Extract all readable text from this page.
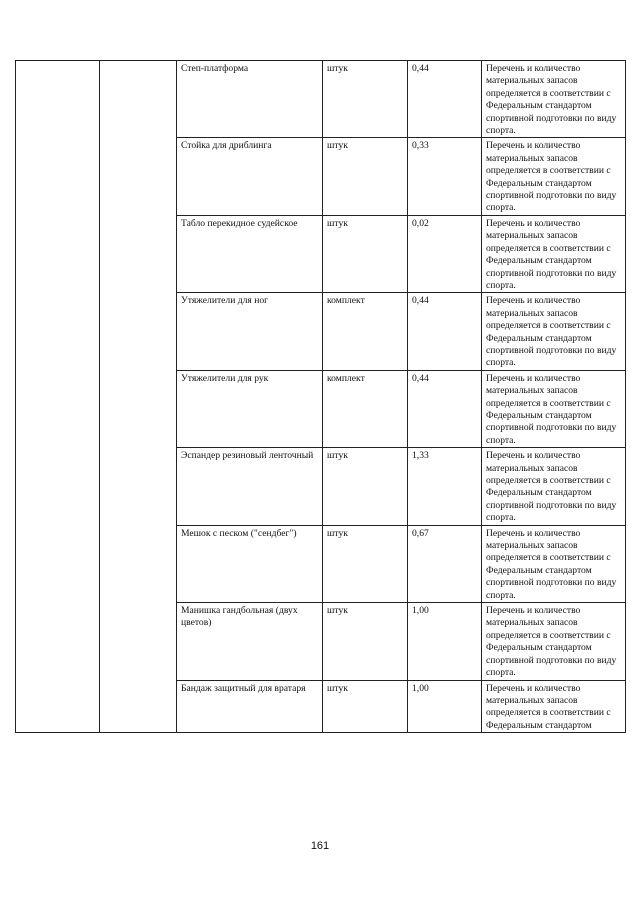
		Степ-платформа	штук	0,44	Перечень и количество материальных запасов определяется в соответствии с Федеральным стандартом спортивной подготовки по виду спорта.
		Стойка для дриблинга	штук	0,33	Перечень и количество материальных запасов определяется в соответствии с Федеральным стандартом спортивной подготовки по виду спорта.
		Табло перекидное судейское	штук	0,02	Перечень и количество материальных запасов определяется в соответствии с Федеральным стандартом спортивной подготовки по виду спорта.
		Утяжелители для ног	комплект	0,44	Перечень и количество материальных запасов определяется в соответствии с Федеральным стандартом спортивной подготовки по виду спорта.
		Утяжелители для рук	комплект	0,44	Перечень и количество материальных запасов определяется в соответствии с Федеральным стандартом спортивной подготовки по виду спорта.
		Эспандер резиновый ленточный	штук	1,33	Перечень и количество материальных запасов определяется в соответствии с Федеральным стандартом спортивной подготовки по виду спорта.
		Мешок с песком ("сендбег")	штук	0,67	Перечень и количество материальных запасов определяется в соответствии с Федеральным стандартом спортивной подготовки по виду спорта.
		Манишка гандбольная (двух цветов)	штук	1,00	Перечень и количество материальных запасов определяется в соответствии с Федеральным стандартом спортивной подготовки по виду спорта.
		Бандаж защитный для вратаря	штук	1,00	Перечень и количество материальных запасов определяется в соответствии с Федеральным стандартом
161
